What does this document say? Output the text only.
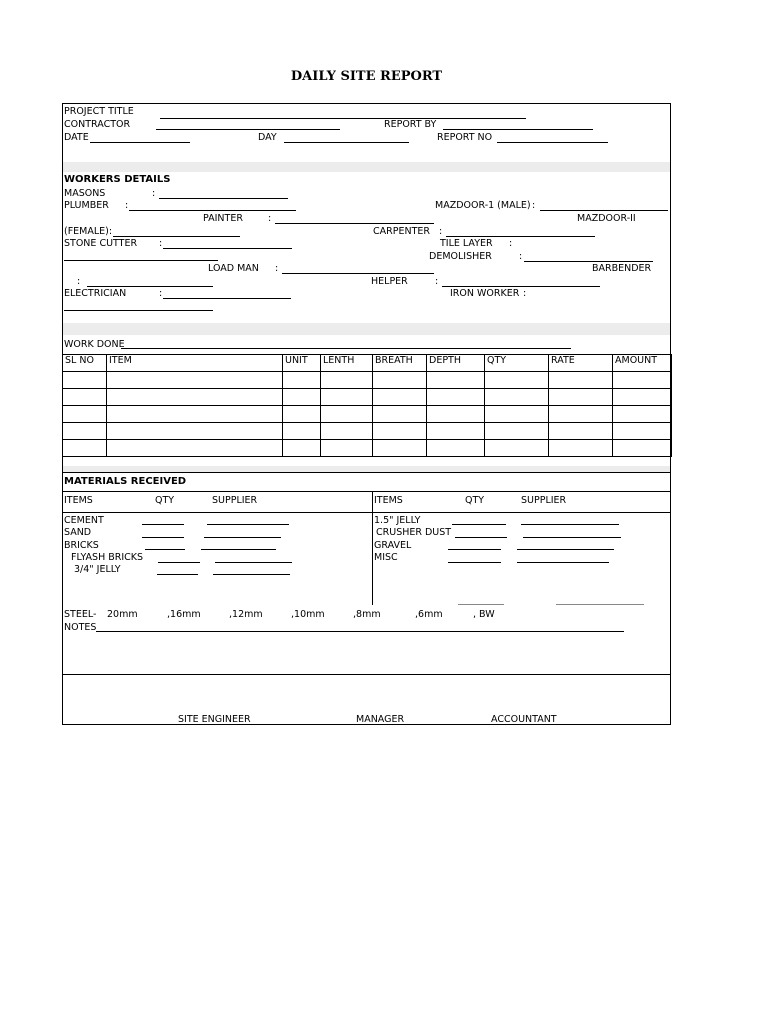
DAILY SITE REPORT
PROJECT TITLE
CONTRACTOR	REPORT BY
DATE	DAY	REPORT NO
WORKERS DETAILS
MASONS	:
PLUMBER :	MAZDOOR-1 (MALE) :
PAINTER	:	MAZDOOR-II
(FEMALE):	CARPENTER :
STONE CUTTER :	TILE LAYER :
DEMOLISHER	:
LOAD MAN :	BARBENDER
:	HELPER	:
ELECTRICIAN	:	IRON WORKER :
WORK DONE
SL NO	ITEM	UNIT	LENTH	BREATH	DEPTH	QTY	RATE	AMOUNT

MATERIALS RECEIVED
ITEMS	QTY	SUPPLIER	ITEMS	QTY	SUPPLIER
CEMENT
SAND
BRICKS
FLYASH BRICKS
3/4" JELLY
1.5" JELLY
CRUSHER DUST
GRAVEL
MISC
STEEL- 20mm	,16mm	,12mm	,10mm	,8mm	,6mm	, BW
NOTES
SITE ENGINEER	MANAGER	ACCOUNTANT
